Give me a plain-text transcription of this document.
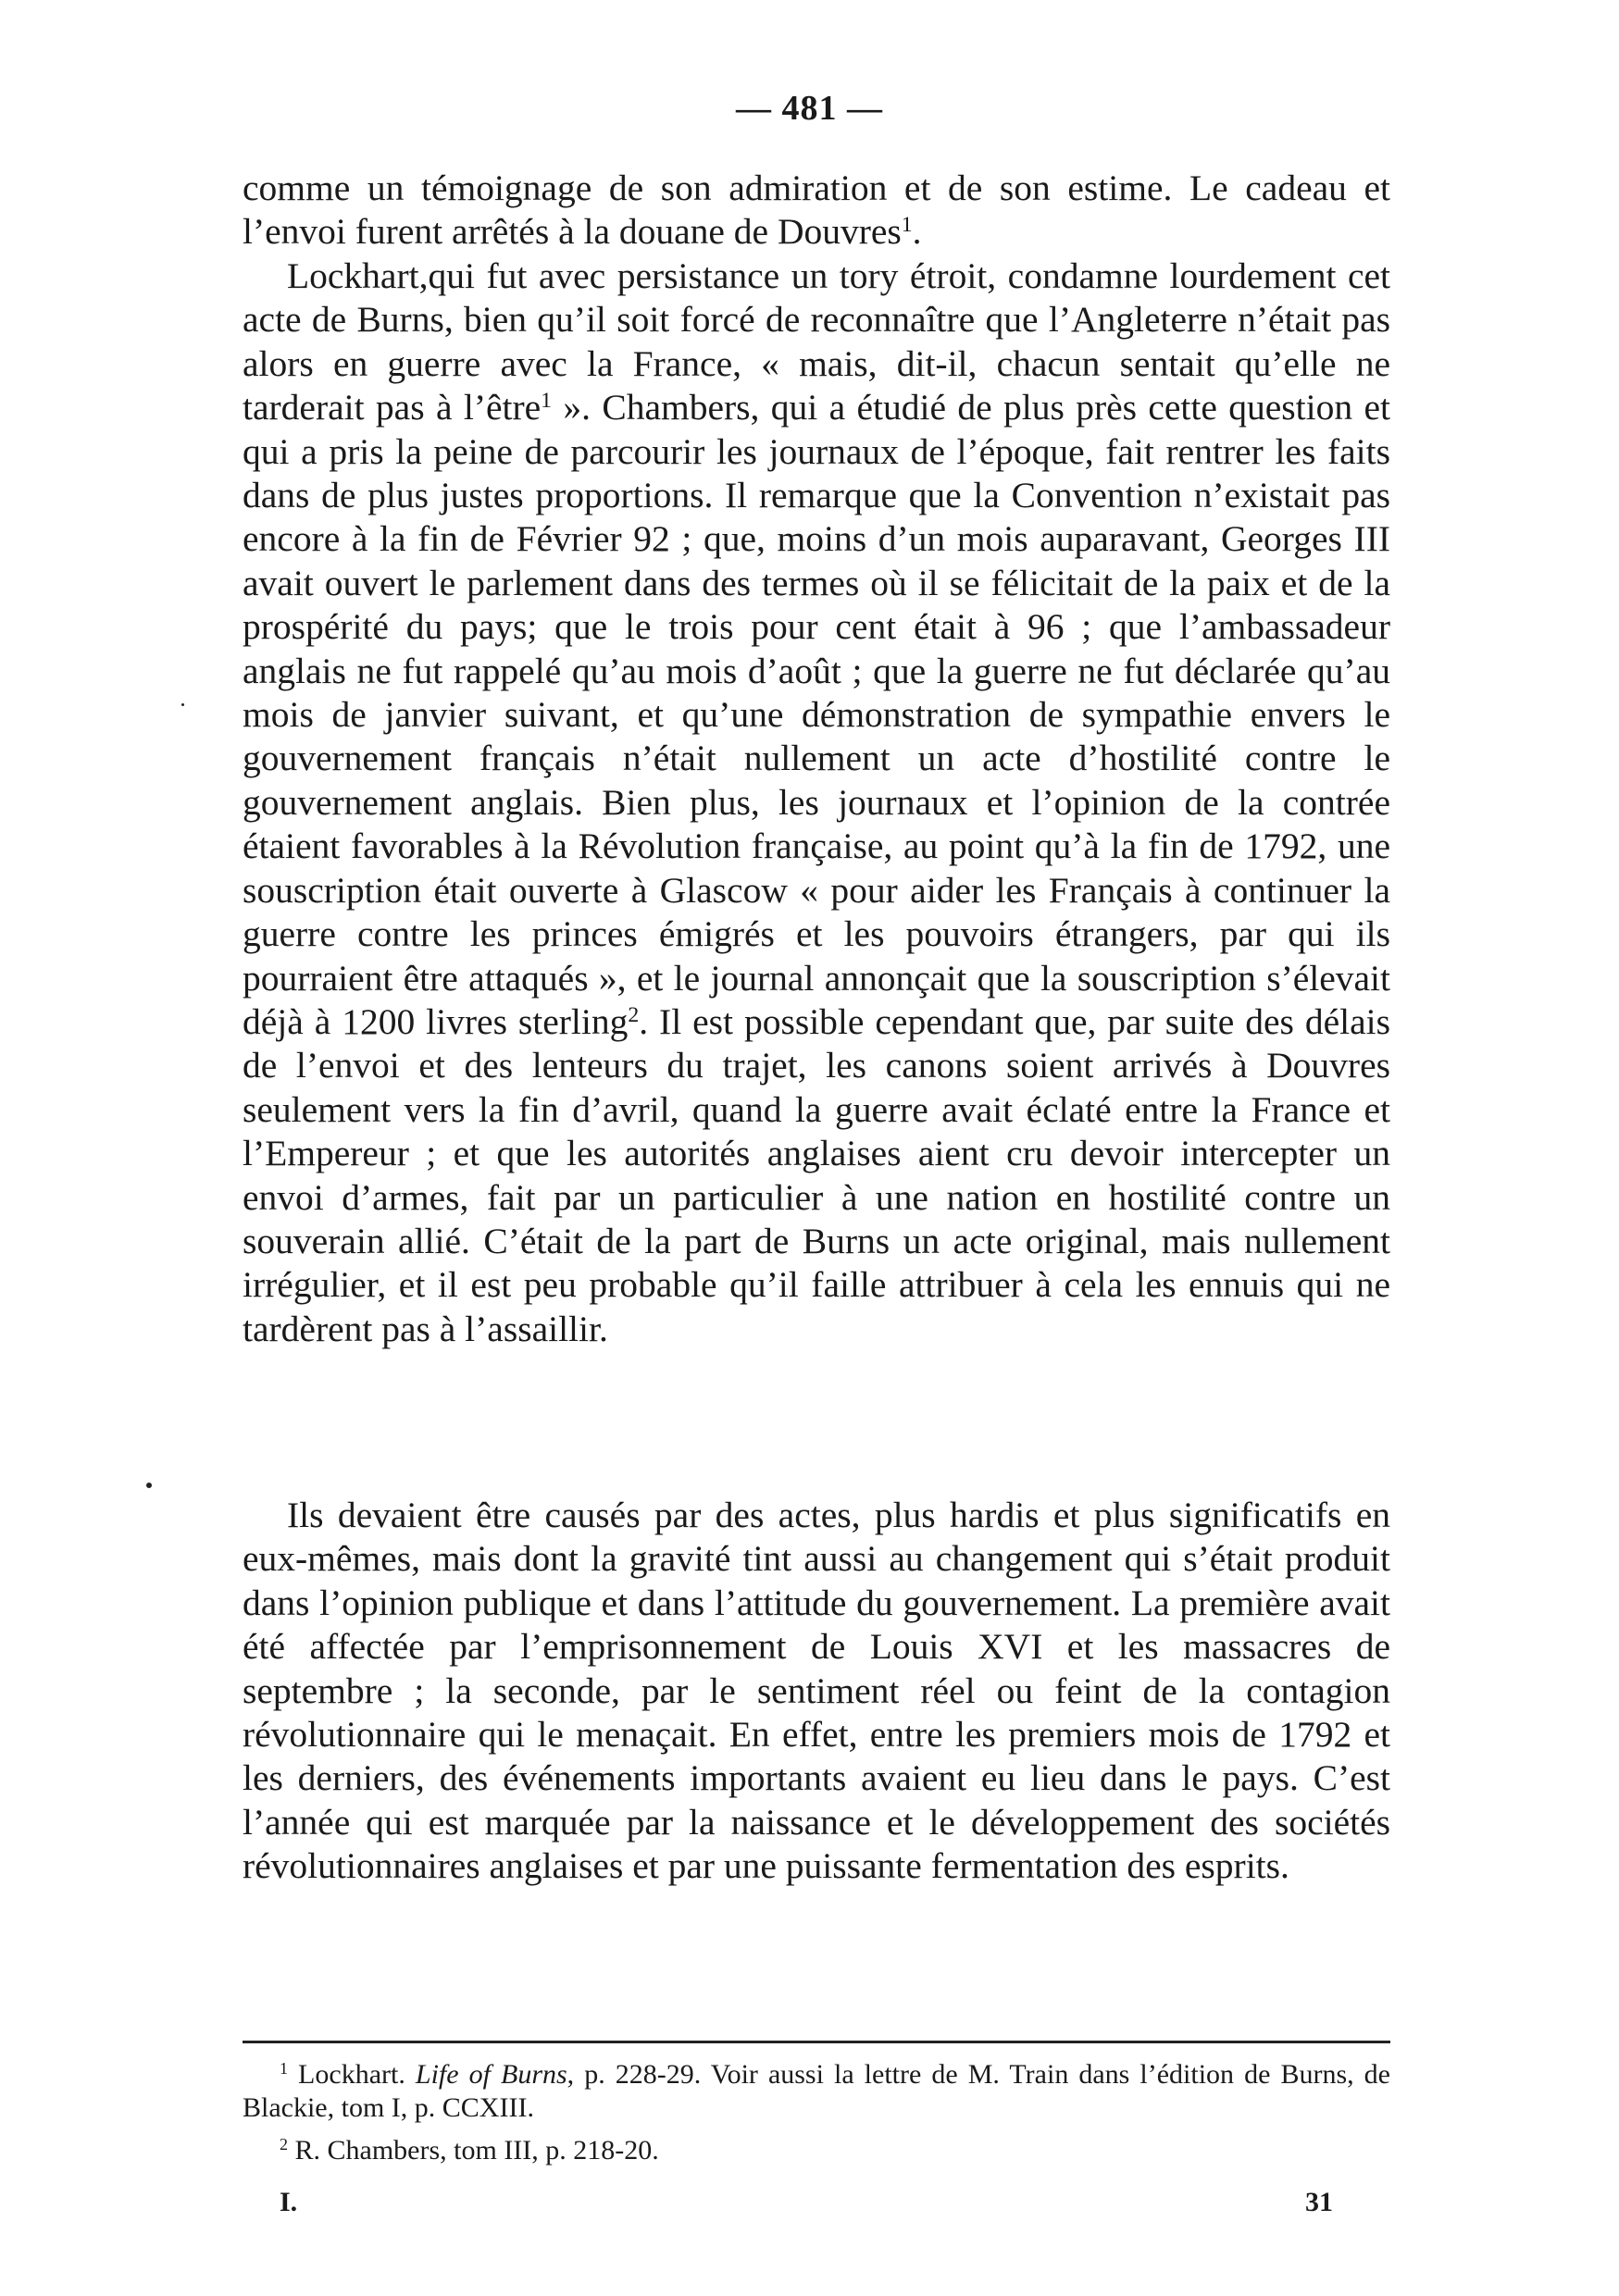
— 481 —

comme un témoignage de son admiration et de son estime. Le cadeau et l’envoi furent arrêtés à la douane de Douvres$^1$.

Lockhart,qui fut avec persistance un tory étroit, condamne lourdement cet acte de Burns, bien qu’il soit forcé de reconnaître que l’Angleterre n’était pas alors en guerre avec la France, « mais, dit-il, chacun sentait qu’elle ne tarderait pas à l’être$^1$ ». Chambers, qui a étudié de plus près cette question et qui a pris la peine de parcourir les journaux de l’époque, fait rentrer les faits dans de plus justes proportions. Il remarque que la Convention n’existait pas encore à la fin de Février 92 ; que, moins d’un mois auparavant, Georges III avait ouvert le parlement dans des termes où il se félicitait de la paix et de la prospérité du pays; que le trois pour cent était à 96 ; que l’ambassadeur anglais ne fut rappelé qu’au mois d’août ; que la guerre ne fut déclarée qu’au mois de janvier suivant, et qu’une démonstration de sympathie envers le gouvernement français n’était nullement un acte d’hostilité contre le gouvernement anglais. Bien plus, les journaux et l’opinion de la contrée étaient favorables à la Révolution française, au point qu’à la fin de 1792, une souscription était ouverte à Glascow « pour aider les Français à continuer la guerre contre les princes émigrés et les pouvoirs étrangers, par qui ils pourraient être attaqués », et le journal annonçait que la souscription s’élevait déjà à 1200 livres sterling$^2$. Il est possible cependant que, par suite des délais de l’envoi et des lenteurs du trajet, les canons soient arrivés à Douvres seulement vers la fin d’avril, quand la guerre avait éclaté entre la France et l’Empereur ; et que les autorités anglaises aient cru devoir intercepter un envoi d’armes, fait par un particulier à une nation en hostilité contre un souverain allié. C’était de la part de Burns un acte original, mais nullement irrégulier, et il est peu probable qu’il faille attribuer à cela les ennuis qui ne tardèrent pas à l’assaillir.

Ils devaient être causés par des actes, plus hardis et plus significatifs en eux-mêmes, mais dont la gravité tint aussi au changement qui s’était produit dans l’opinion publique et dans l’attitude du gouvernement. La première avait été affectée par l’emprisonnement de Louis XVI et les massacres de septembre ; la seconde, par le sentiment réel ou feint de la contagion révolutionnaire qui le menaçait. En effet, entre les premiers mois de 1792 et les derniers, des événements importants avaient eu lieu dans le pays. C’est l’année qui est marquée par la naissance et le développement des sociétés révolutionnaires anglaises et par une puissante fermentation des esprits.

$^1$ Lockhart. Life of Burns, p. 228-29. Voir aussi la lettre de M. Train dans l’édition de Burns, de Blackie, tom I, p. CCXIII.

$^2$ R. Chambers, tom III, p. 218-20.

I.	31
